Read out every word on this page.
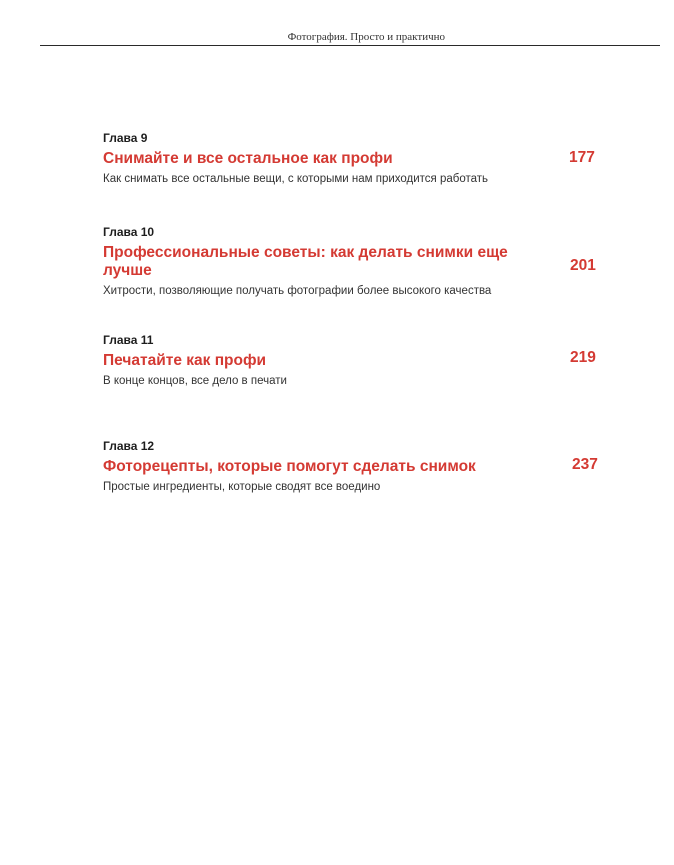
Фотография. Просто и практично

Глава 9

Снимайте и все остальное как профи

Как снимать все остальные вещи, с которыми нам приходится работать

177

Глава 10

Профессиональные советы: как делать снимки еще лучше

Хитрости, позволяющие получать фотографии более высокого качества

201

Глава 11

Печатайте как профи

В конце концов, все дело в печати

219

Глава 12

Фоторецепты, которые помогут сделать снимок

Простые ингредиенты, которые сводят все воедино

237
